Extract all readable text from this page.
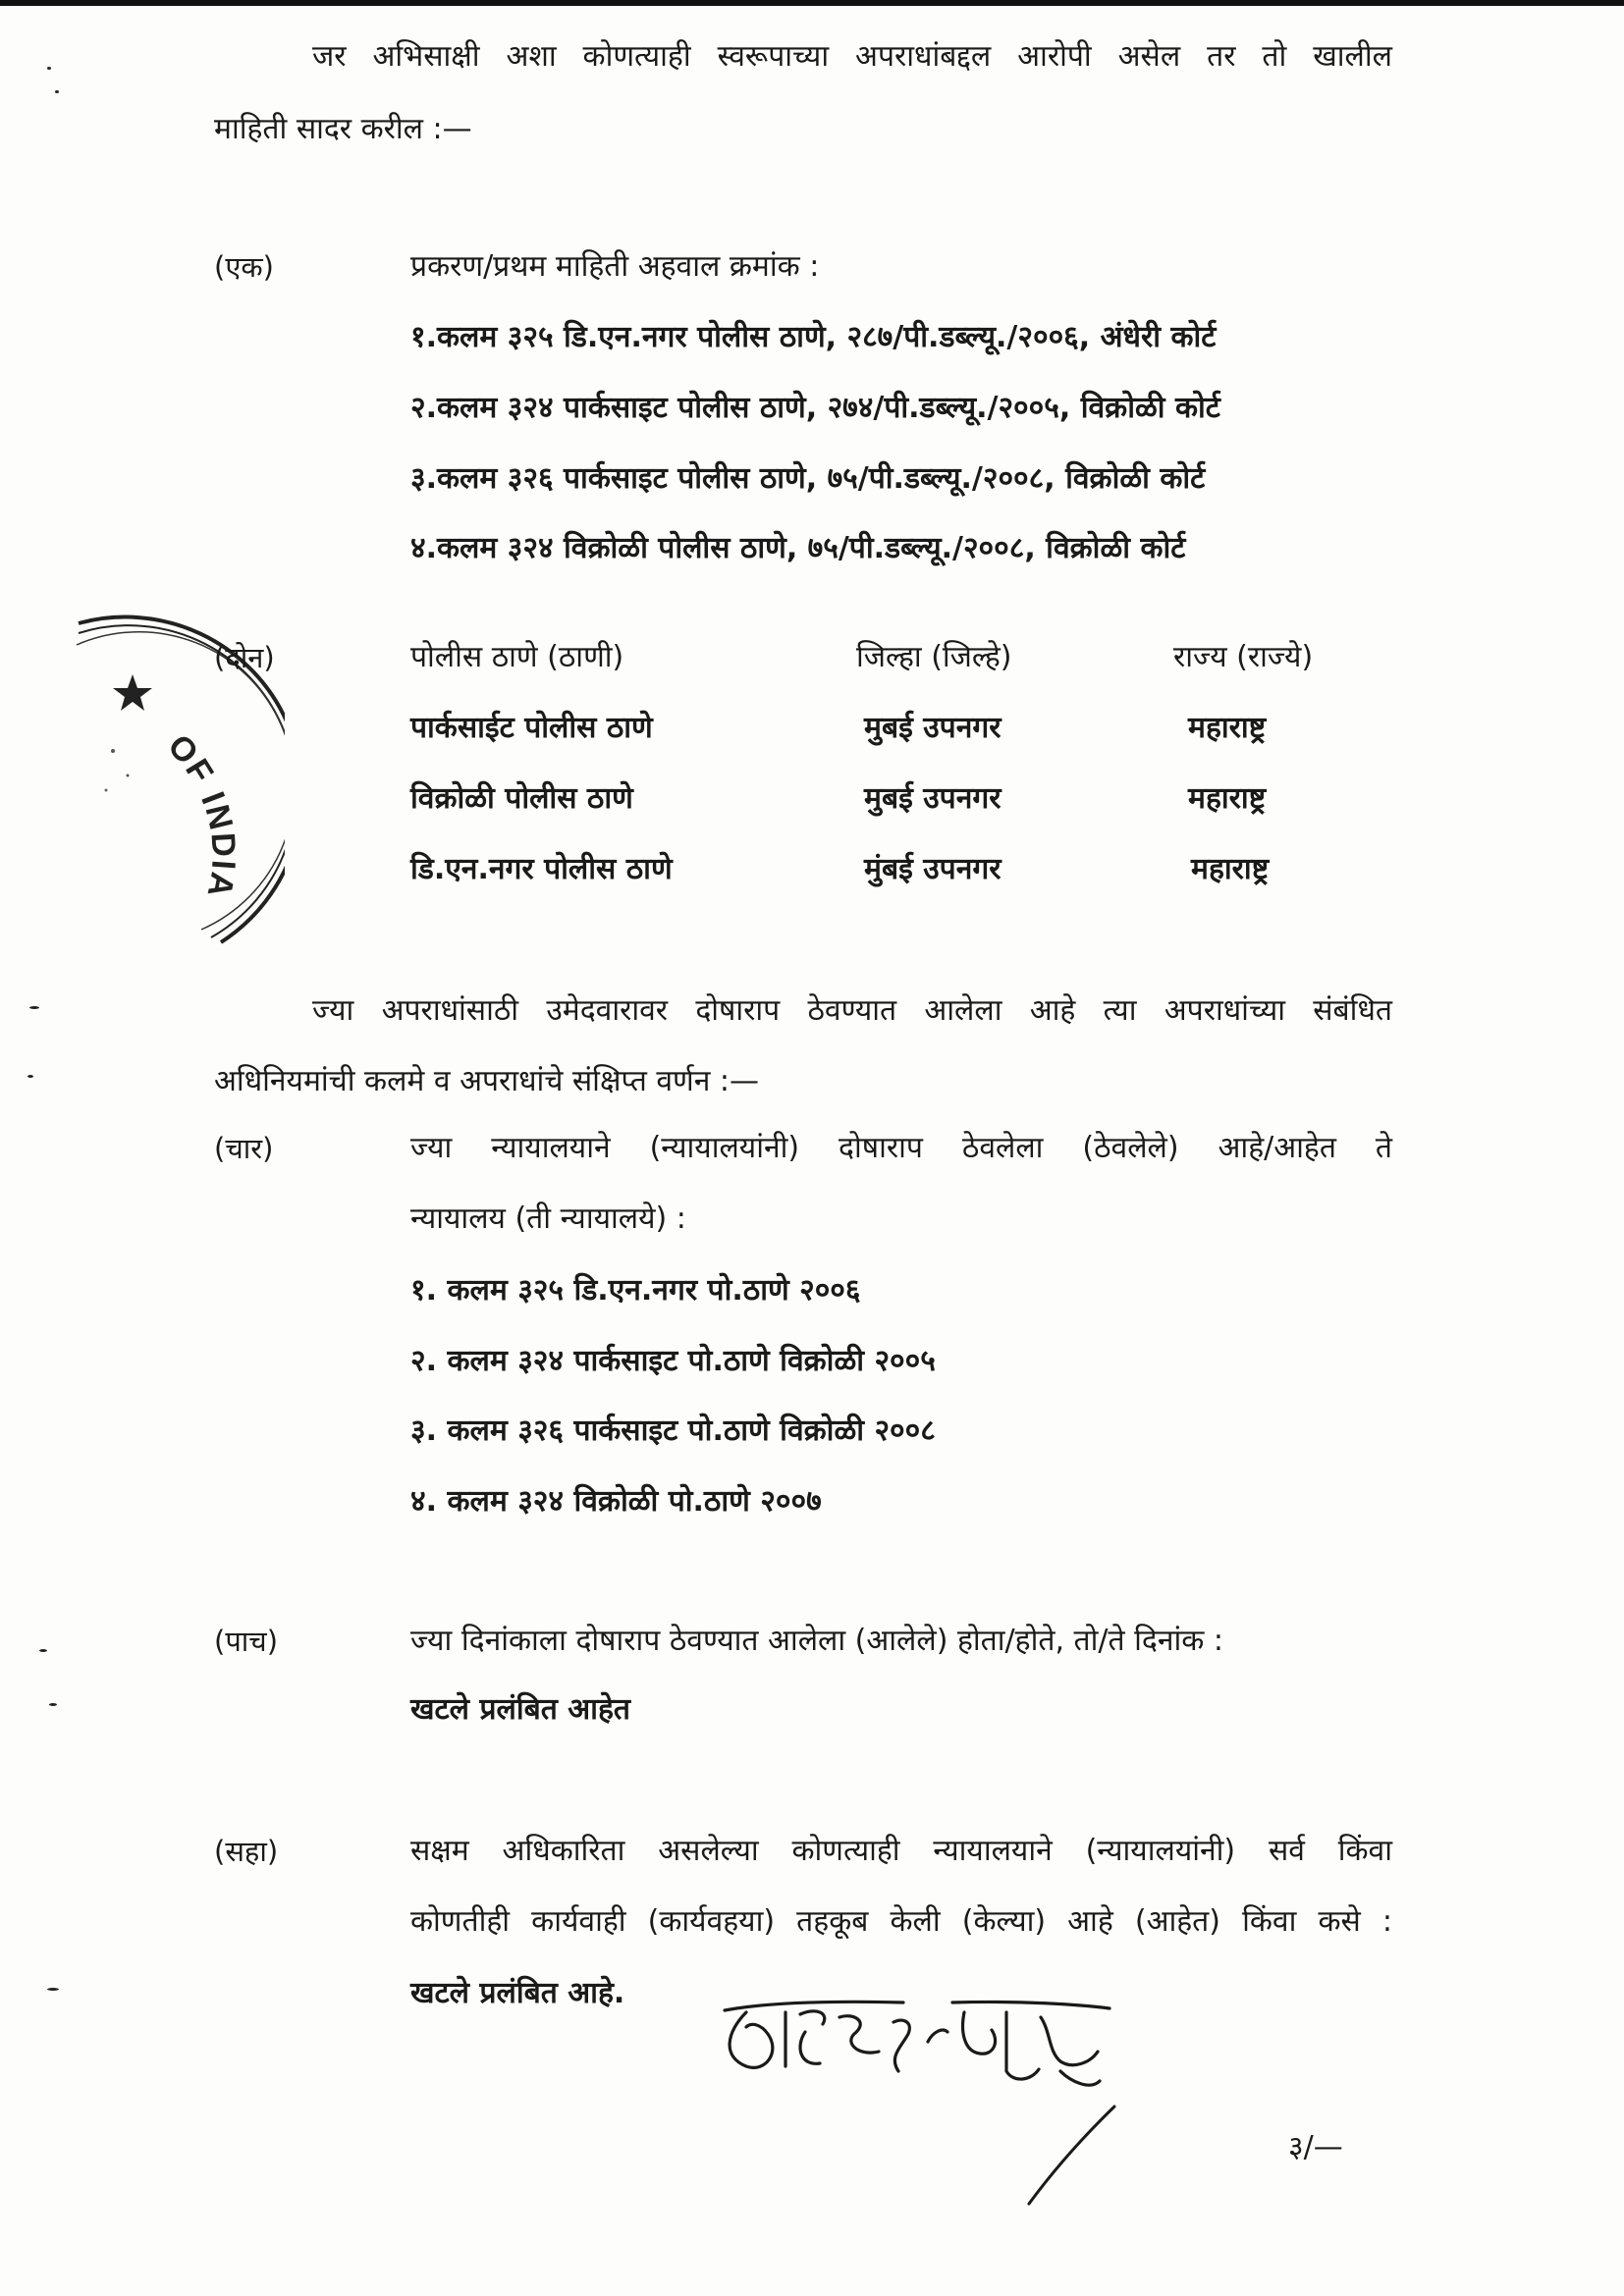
जर अभिसाक्षी अशा कोणत्याही स्वरूपाच्या अपराधांबद्दल आरोपी असेल तर तो खालील
माहिती सादर करील :—
(एक)	प्रकरण/प्रथम माहिती अहवाल क्रमांक :
१.कलम ३२५ डि.एन.नगर पोलीस ठाणे, २८७/पी.डब्ल्यू./२००६, अंधेरी कोर्ट
२.कलम ३२४ पार्कसाइट पोलीस ठाणे, २७४/पी.डब्ल्यू./२००५, विक्रोळी कोर्ट
३.कलम ३२६ पार्कसाइट पोलीस ठाणे, ७५/पी.डब्ल्यू./२००८, विक्रोळी कोर्ट
४.कलम ३२४ विक्रोळी पोलीस ठाणे, ७५/पी.डब्ल्यू./२००८, विक्रोळी कोर्ट
OF INDIA
(दोन)	पोलीस ठाणे (ठाणी)	जिल्हा (जिल्हे)	राज्य (राज्ये)
पार्कसाईट पोलीस ठाणे	मुबई उपनगर	महाराष्ट्र
विक्रोळी पोलीस ठाणे	मुबई उपनगर	महाराष्ट्र
डि.एन.नगर पोलीस ठाणे	मुंबई उपनगर	महाराष्ट्र
ज्या अपराधांसाठी उमेदवारावर दोषाराप ठेवण्यात आलेला आहे त्या अपराधांच्या संबंधित
अधिनियमांची कलमे व अपराधांचे संक्षिप्त वर्णन :—
(चार)	ज्या न्यायालयाने (न्यायालयांनी) दोषाराप ठेवलेला (ठेवलेले) आहे/आहेत ते
न्यायालय (ती न्यायालये) :
१. कलम ३२५ डि.एन.नगर पो.ठाणे २००६
२. कलम ३२४ पार्कसाइट पो.ठाणे विक्रोळी २००५
३. कलम ३२६ पार्कसाइट पो.ठाणे विक्रोळी २००८
४. कलम ३२४ विक्रोळी पो.ठाणे २००७
(पाच)	ज्या दिनांकाला दोषाराप ठेवण्यात आलेला (आलेले) होता/होते, तो/ते दिनांक :
खटले प्रलंबित आहेत
(सहा)	सक्षम अधिकारिता असलेल्या कोणत्याही न्यायालयाने (न्यायालयांनी) सर्व किंवा
कोणतीही कार्यवाही (कार्यवहया) तहकूब केली (केल्या) आहे (आहेत) किंवा कसे :
खटले प्रलंबित आहे.
दिनेश राजभर
३/—
